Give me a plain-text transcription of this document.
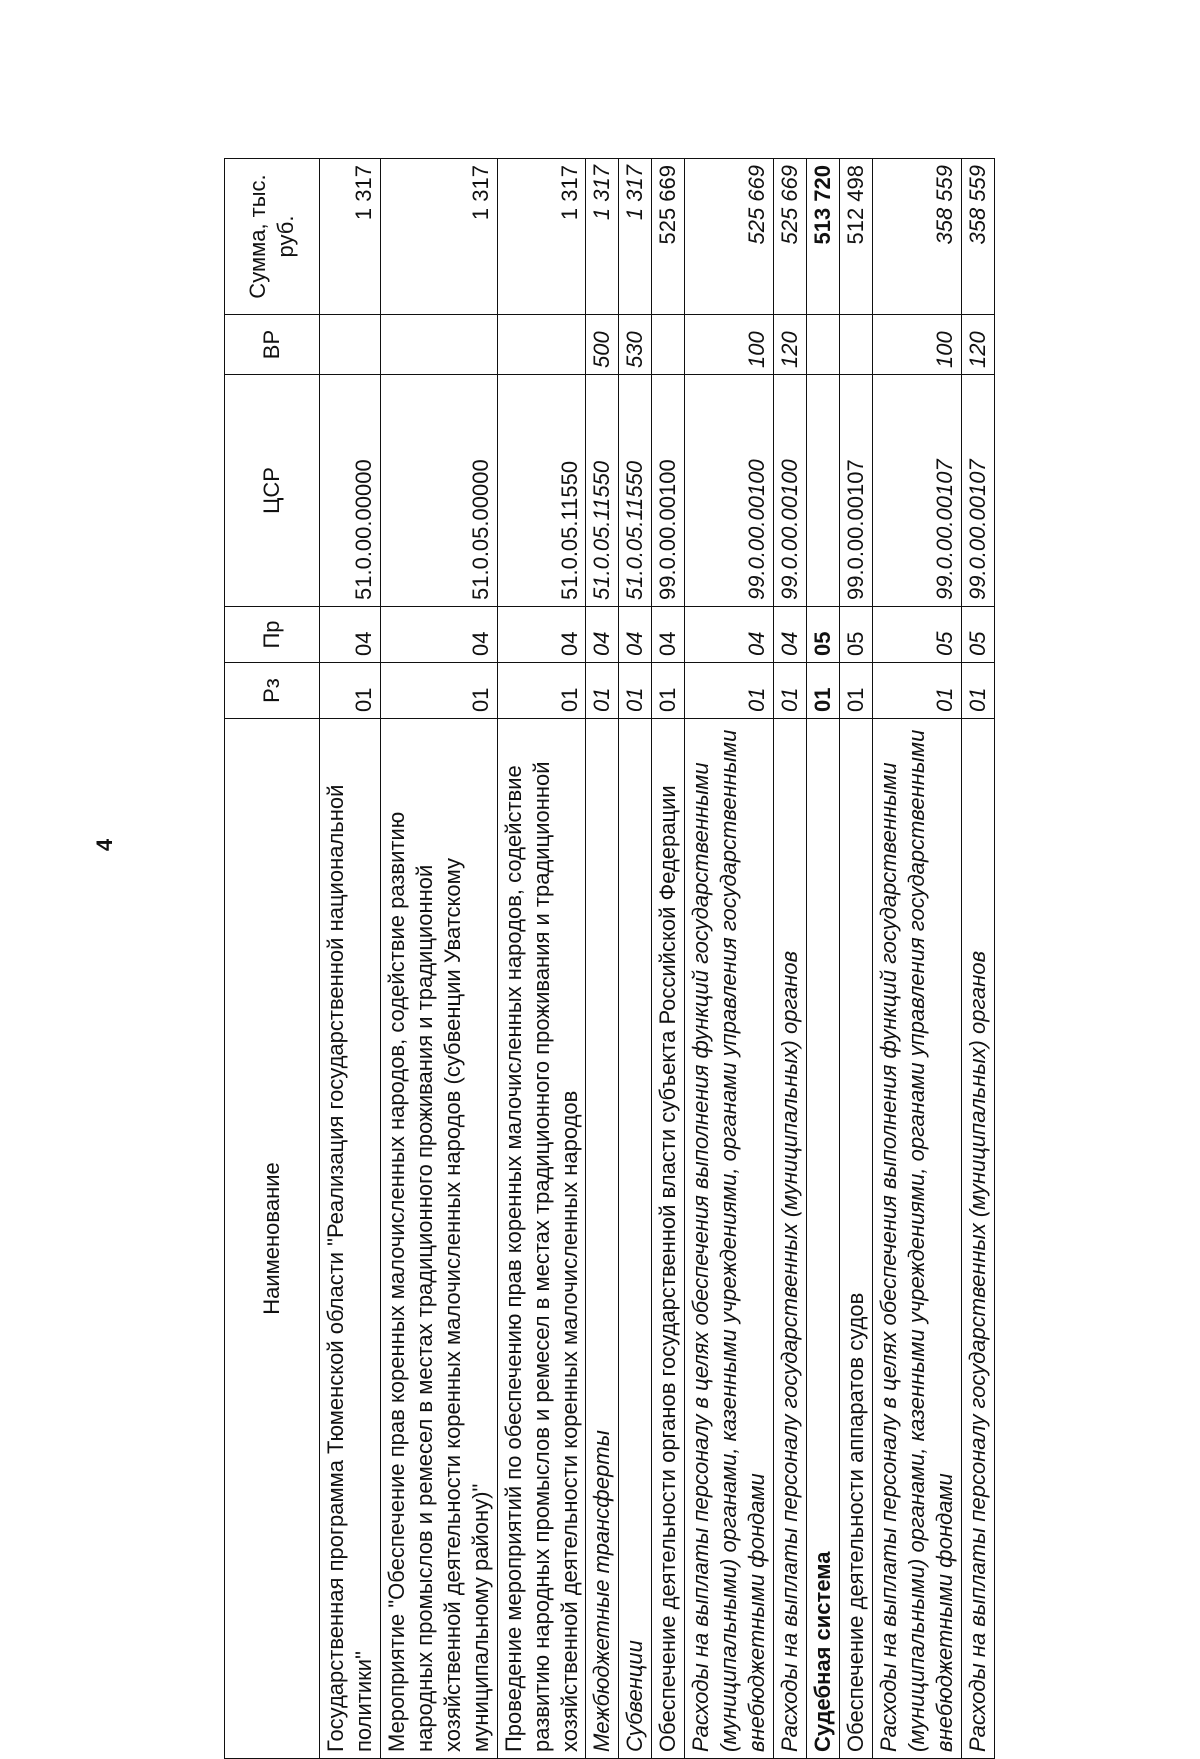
4
Наименование	Рз	Пр	ЦСР	ВР	Сумма, тыс. руб.
Государственная программа Тюменской области "Реализация государственной национальной политики"	01	04	51.0.00.00000		1 317
Мероприятие "Обеспечение прав коренных малочисленных народов, содействие развитию народных промыслов и ремесел в местах традиционного проживания и традиционной хозяйственной деятельности коренных малочисленных народов (субвенции Уватскому муниципальному району)"	01	04	51.0.05.00000		1 317
Проведение мероприятий по обеспечению прав коренных малочисленных народов, содействие развитию народных промыслов и ремесел в местах традиционного проживания и традиционной хозяйственной деятельности коренных малочисленных народов	01	04	51.0.05.11550		1 317
Межбюджетные трансферты	01	04	51.0.05.11550	500	1 317
Субвенции	01	04	51.0.05.11550	530	1 317
Обеспечение деятельности органов государственной власти субъекта Российской Федерации	01	04	99.0.00.00100		525 669
Расходы на выплаты персоналу в целях обеспечения выполнения функций государственными (муниципальными) органами, казенными учреждениями, органами управления государственными внебюджетными фондами	01	04	99.0.00.00100	100	525 669
Расходы на выплаты персоналу государственных (муниципальных) органов	01	04	99.0.00.00100	120	525 669
Судебная система	01	05			513 720
Обеспечение деятельности аппаратов судов	01	05	99.0.00.00107		512 498
Расходы на выплаты персоналу в целях обеспечения выполнения функций государственными (муниципальными) органами, казенными учреждениями, органами управления государственными внебюджетными фондами	01	05	99.0.00.00107	100	358 559
Расходы на выплаты персоналу государственных (муниципальных) органов	01	05	99.0.00.00107	120	358 559
